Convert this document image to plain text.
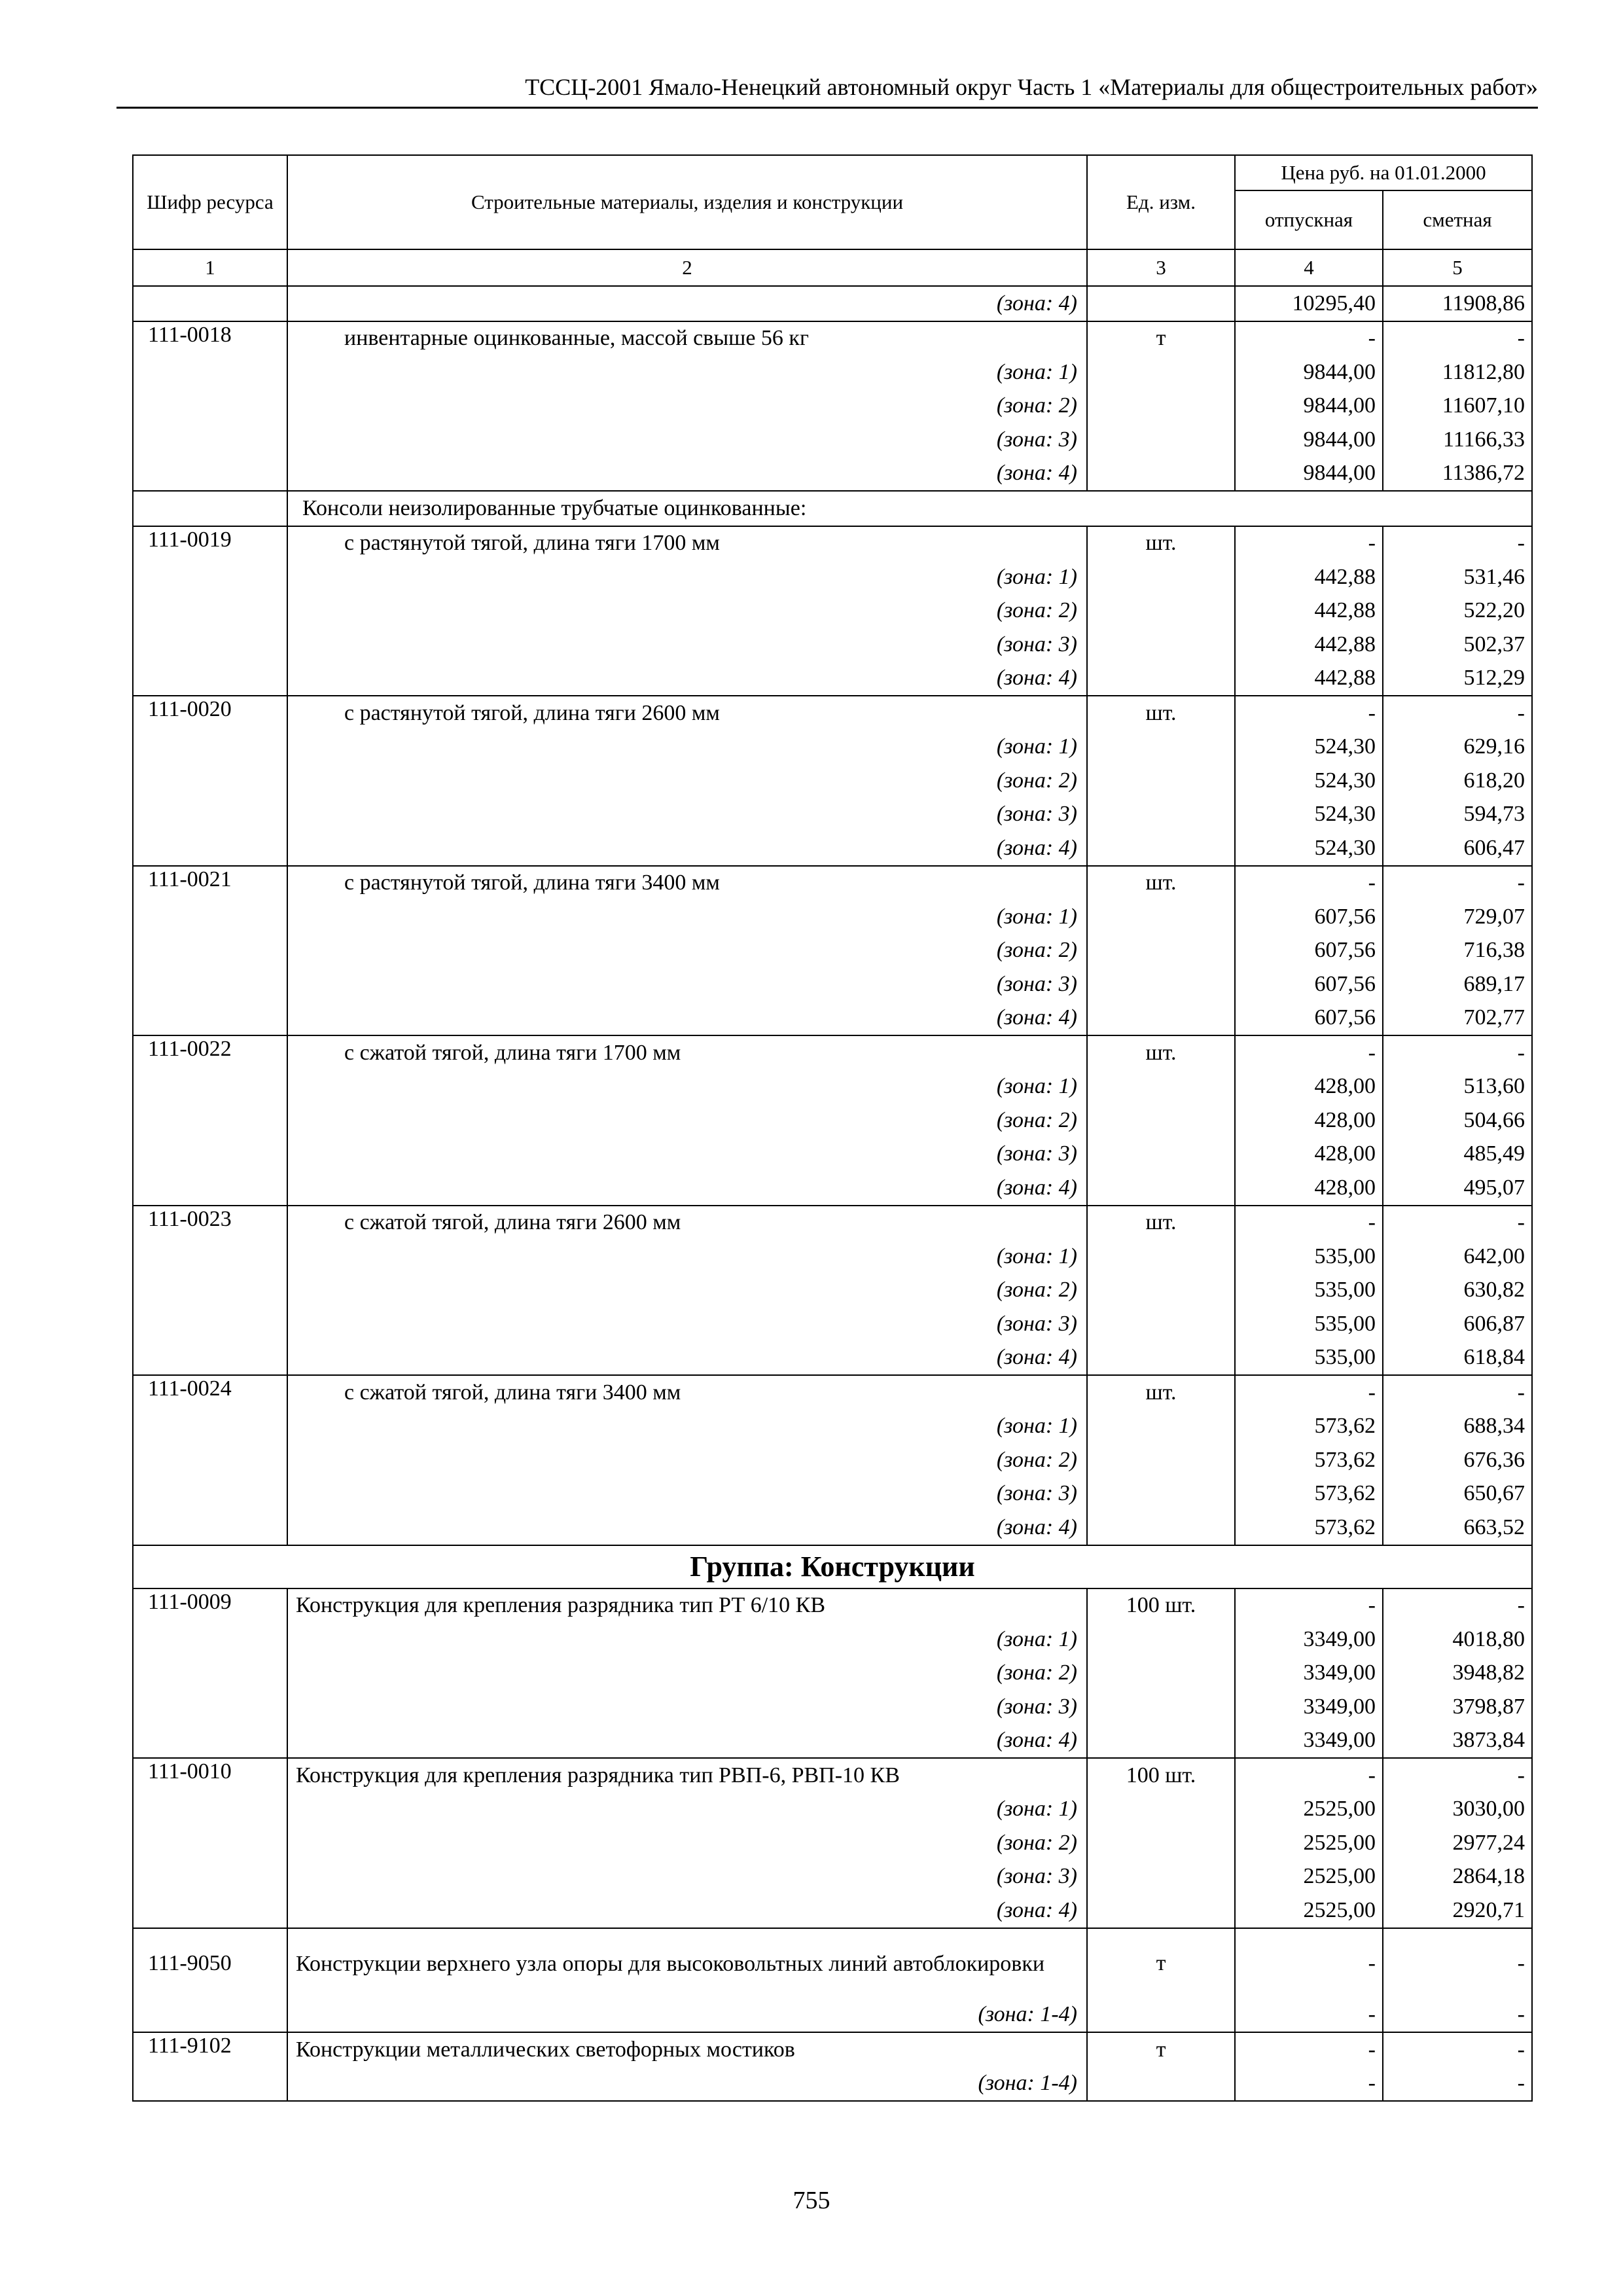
ТССЦ-2001 Ямало-Ненецкий автономный округ Часть 1 «Материалы для общестроительных работ»
Шифр ресурса	Строительные материалы, изделия и конструкции	Ед. изм.	Цена руб. на 01.01.2000	
			отпускная	сметная
1	2	3	4	5
	(зона: 4)		10295,40	11908,86
111-0018	инвентарные оцинкованные, массой свыше 56 кг	т	-	-
	(зона: 1)		9844,00	11812,80
	(зона: 2)		9844,00	11607,10
	(зона: 3)		9844,00	11166,33
	(зона: 4)		9844,00	11386,72
	Консоли неизолированные трубчатые оцинкованные:			
111-0019	с растянутой тягой, длина тяги 1700 мм	шт.	-	-
	(зона: 1)		442,88	531,46
	(зона: 2)		442,88	522,20
	(зона: 3)		442,88	502,37
	(зона: 4)		442,88	512,29
111-0020	с растянутой тягой, длина тяги 2600 мм	шт.	-	-
	(зона: 1)		524,30	629,16
	(зона: 2)		524,30	618,20
	(зона: 3)		524,30	594,73
	(зона: 4)		524,30	606,47
111-0021	с растянутой тягой, длина тяги 3400 мм	шт.	-	-
	(зона: 1)		607,56	729,07
	(зона: 2)		607,56	716,38
	(зона: 3)		607,56	689,17
	(зона: 4)		607,56	702,77
111-0022	с сжатой тягой, длина тяги 1700 мм	шт.	-	-
	(зона: 1)		428,00	513,60
	(зона: 2)		428,00	504,66
	(зона: 3)		428,00	485,49
	(зона: 4)		428,00	495,07
111-0023	с сжатой тягой, длина тяги 2600 мм	шт.	-	-
	(зона: 1)		535,00	642,00
	(зона: 2)		535,00	630,82
	(зона: 3)		535,00	606,87
	(зона: 4)		535,00	618,84
111-0024	с сжатой тягой, длина тяги 3400 мм	шт.	-	-
	(зона: 1)		573,62	688,34
	(зона: 2)		573,62	676,36
	(зона: 3)		573,62	650,67
	(зона: 4)		573,62	663,52
Группа: Конструкции				
111-0009	Конструкция для крепления разрядника тип РТ 6/10 КВ	100 шт.	-	-
	(зона: 1)		3349,00	4018,80
	(зона: 2)		3349,00	3948,82
	(зона: 3)		3349,00	3798,87
	(зона: 4)		3349,00	3873,84
111-0010	Конструкция для крепления разрядника тип РВП-6, РВП-10 КВ	100 шт.	-	-
	(зона: 1)		2525,00	3030,00
	(зона: 2)		2525,00	2977,24
	(зона: 3)		2525,00	2864,18
	(зона: 4)		2525,00	2920,71
111-9050	Конструкции верхнего узла опоры для высоковольтных линий автоблокировки	т	-	-
	(зона: 1-4)		-	-
111-9102	Конструкции металлических светофорных мостиков	т	-	-
	(зона: 1-4)		-	-
755
